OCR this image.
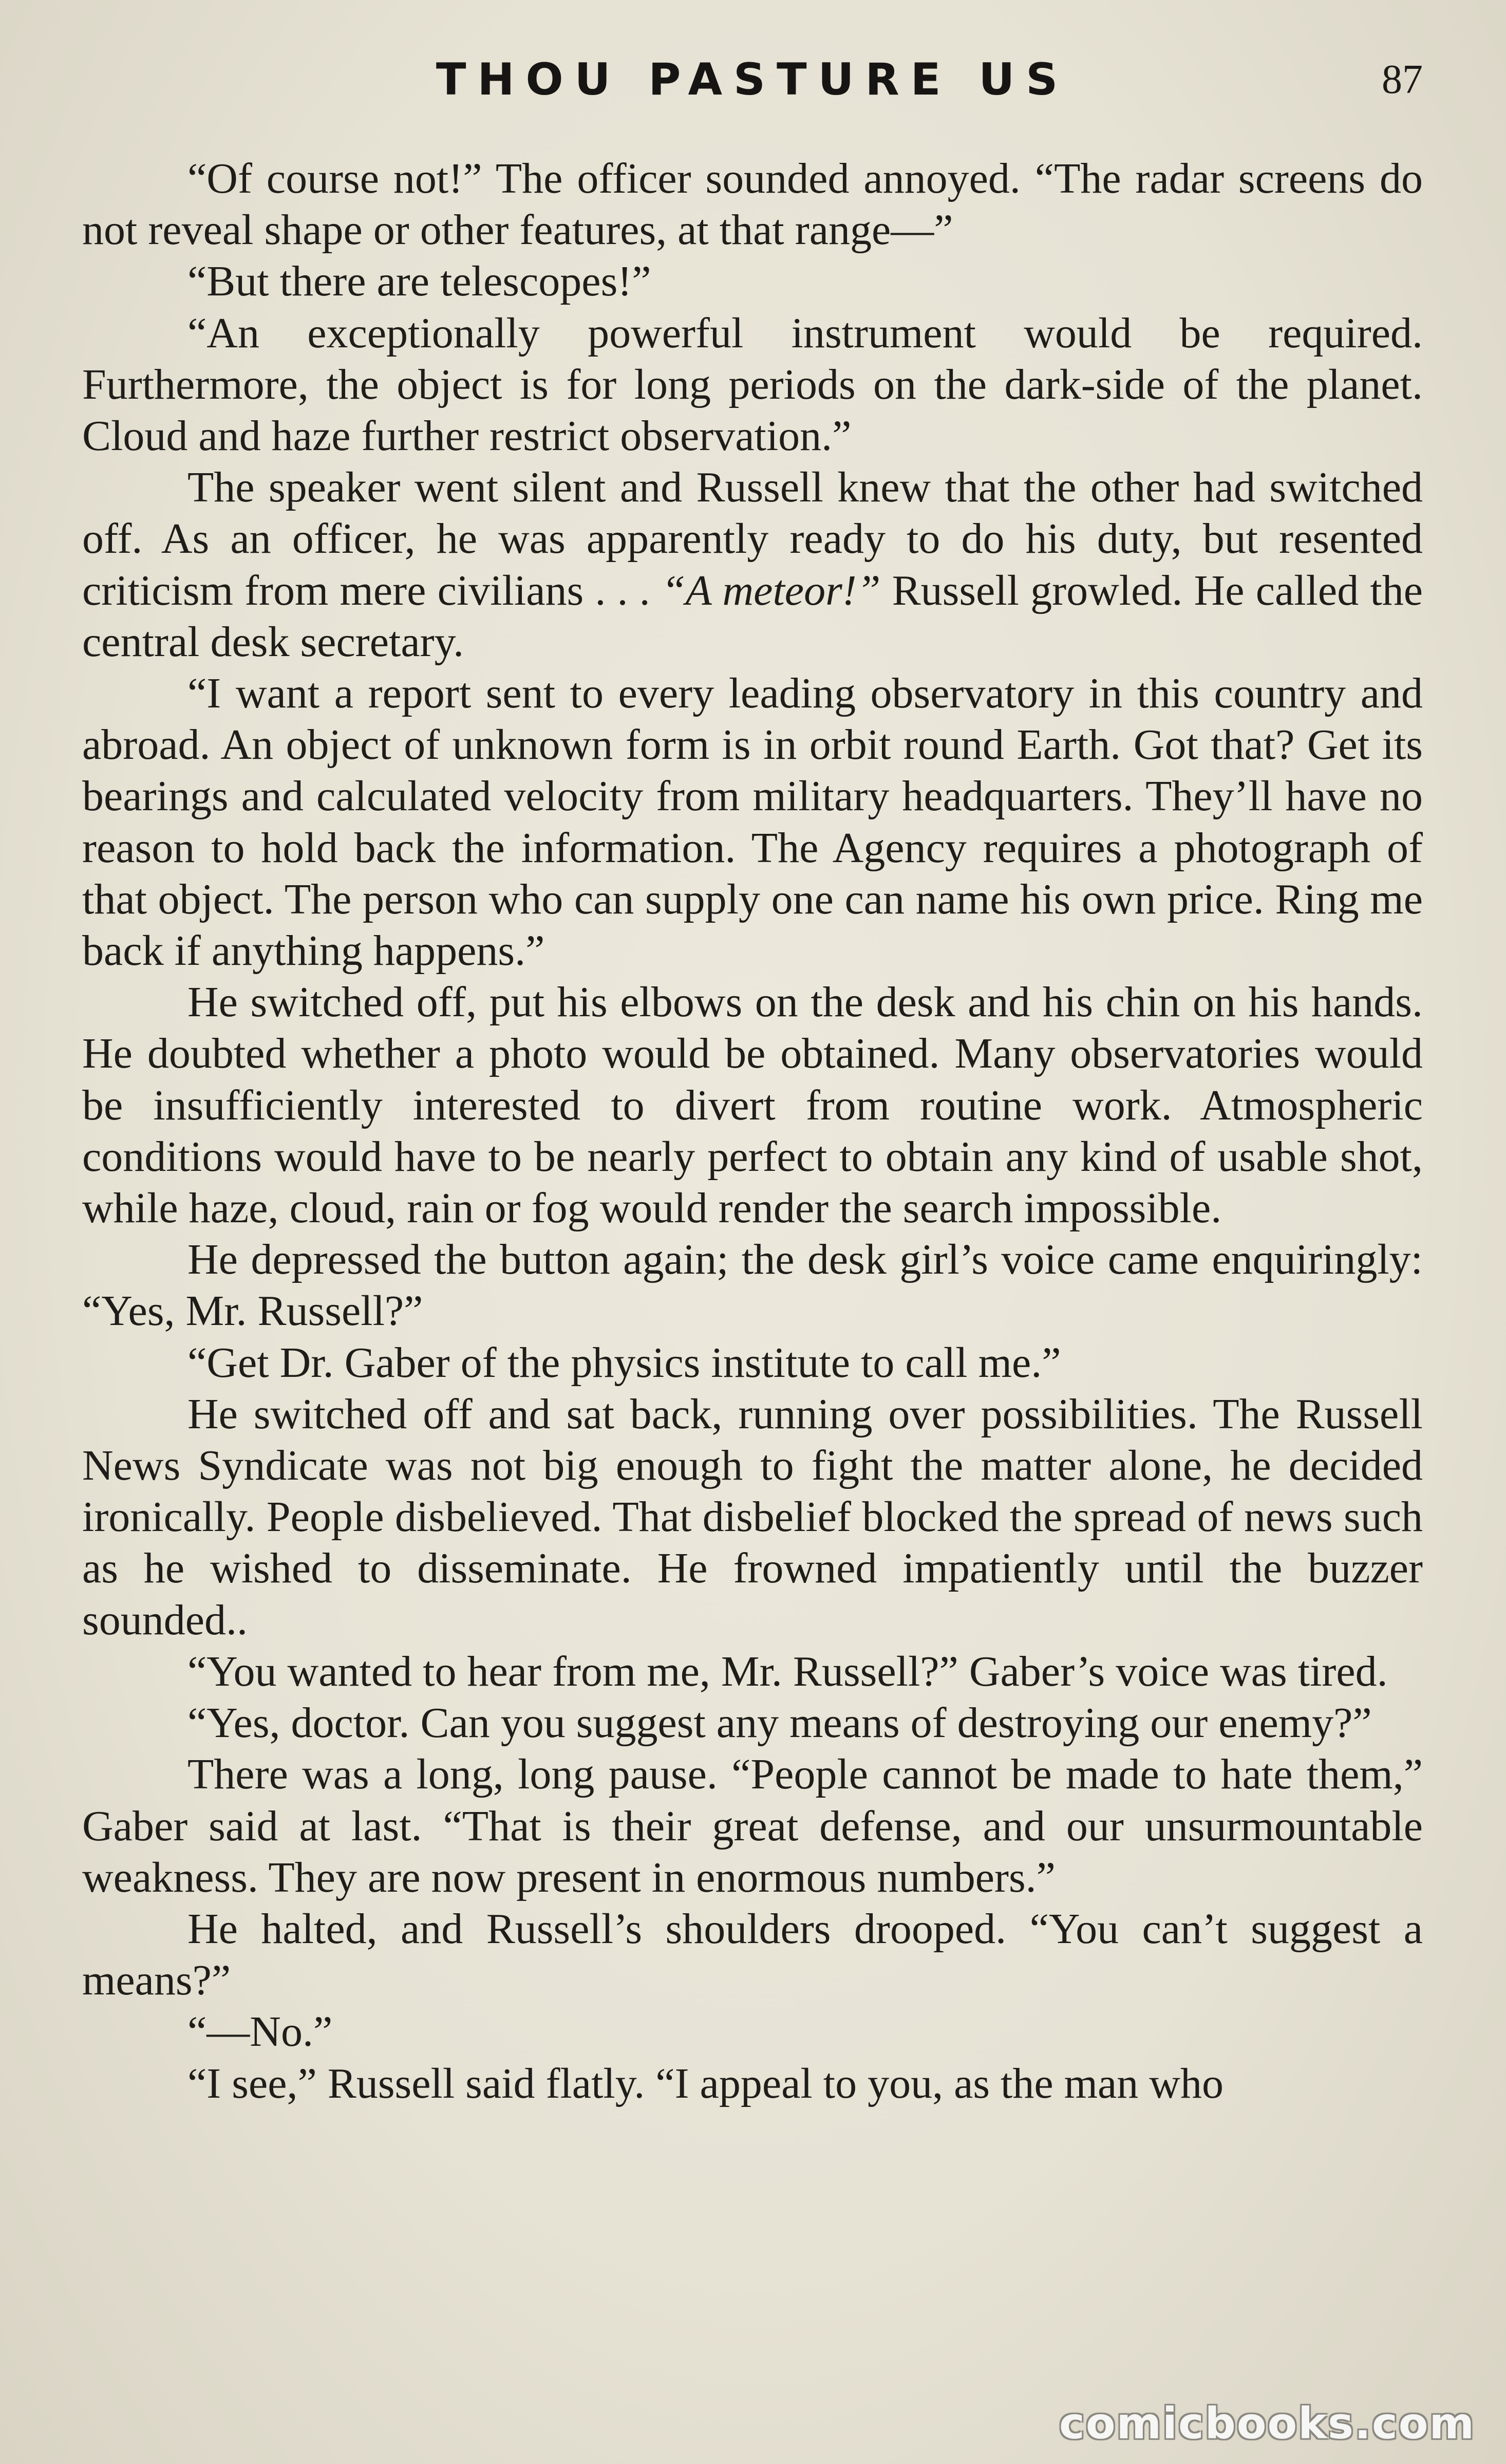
THOU PASTURE US	87

“Of course not!” The officer sounded annoyed. “The radar screens do not reveal shape or other features, at that range—”

“But there are telescopes!”

“An exceptionally powerful instrument would be required. Furthermore, the object is for long periods on the dark-side of the planet. Cloud and haze further restrict observation.”

The speaker went silent and Russell knew that the other had switched off. As an officer, he was apparently ready to do his duty, but resented criticism from mere civilians . . . “A meteor!” Russell growled. He called the central desk secretary.

“I want a report sent to every leading observatory in this country and abroad. An object of unknown form is in orbit round Earth. Got that? Get its bearings and calculated velocity from military headquarters. They’ll have no reason to hold back the information. The Agency requires a photograph of that object. The person who can supply one can name his own price. Ring me back if anything happens.”

He switched off, put his elbows on the desk and his chin on his hands. He doubted whether a photo would be obtained. Many observatories would be insufficiently interested to divert from routine work. Atmospheric conditions would have to be nearly perfect to obtain any kind of usable shot, while haze, cloud, rain or fog would render the search impossible.

He depressed the button again; the desk girl’s voice came enquiringly: “Yes, Mr. Russell?”

“Get Dr. Gaber of the physics institute to call me.”

He switched off and sat back, running over possibilities. The Russell News Syndicate was not big enough to fight the matter alone, he decided ironically. People disbelieved. That disbelief blocked the spread of news such as he wished to disseminate. He frowned impatiently until the buzzer sounded..

“You wanted to hear from me, Mr. Russell?” Gaber’s voice was tired.

“Yes, doctor. Can you suggest any means of destroying our enemy?”

There was a long, long pause. “People cannot be made to hate them,” Gaber said at last. “That is their great defense, and our unsurmountable weakness. They are now present in enormous numbers.”

He halted, and Russell’s shoulders drooped. “You can’t suggest a means?”

“—No.”

“I see,” Russell said flatly. “I appeal to you, as the man who

comicbooks.com
